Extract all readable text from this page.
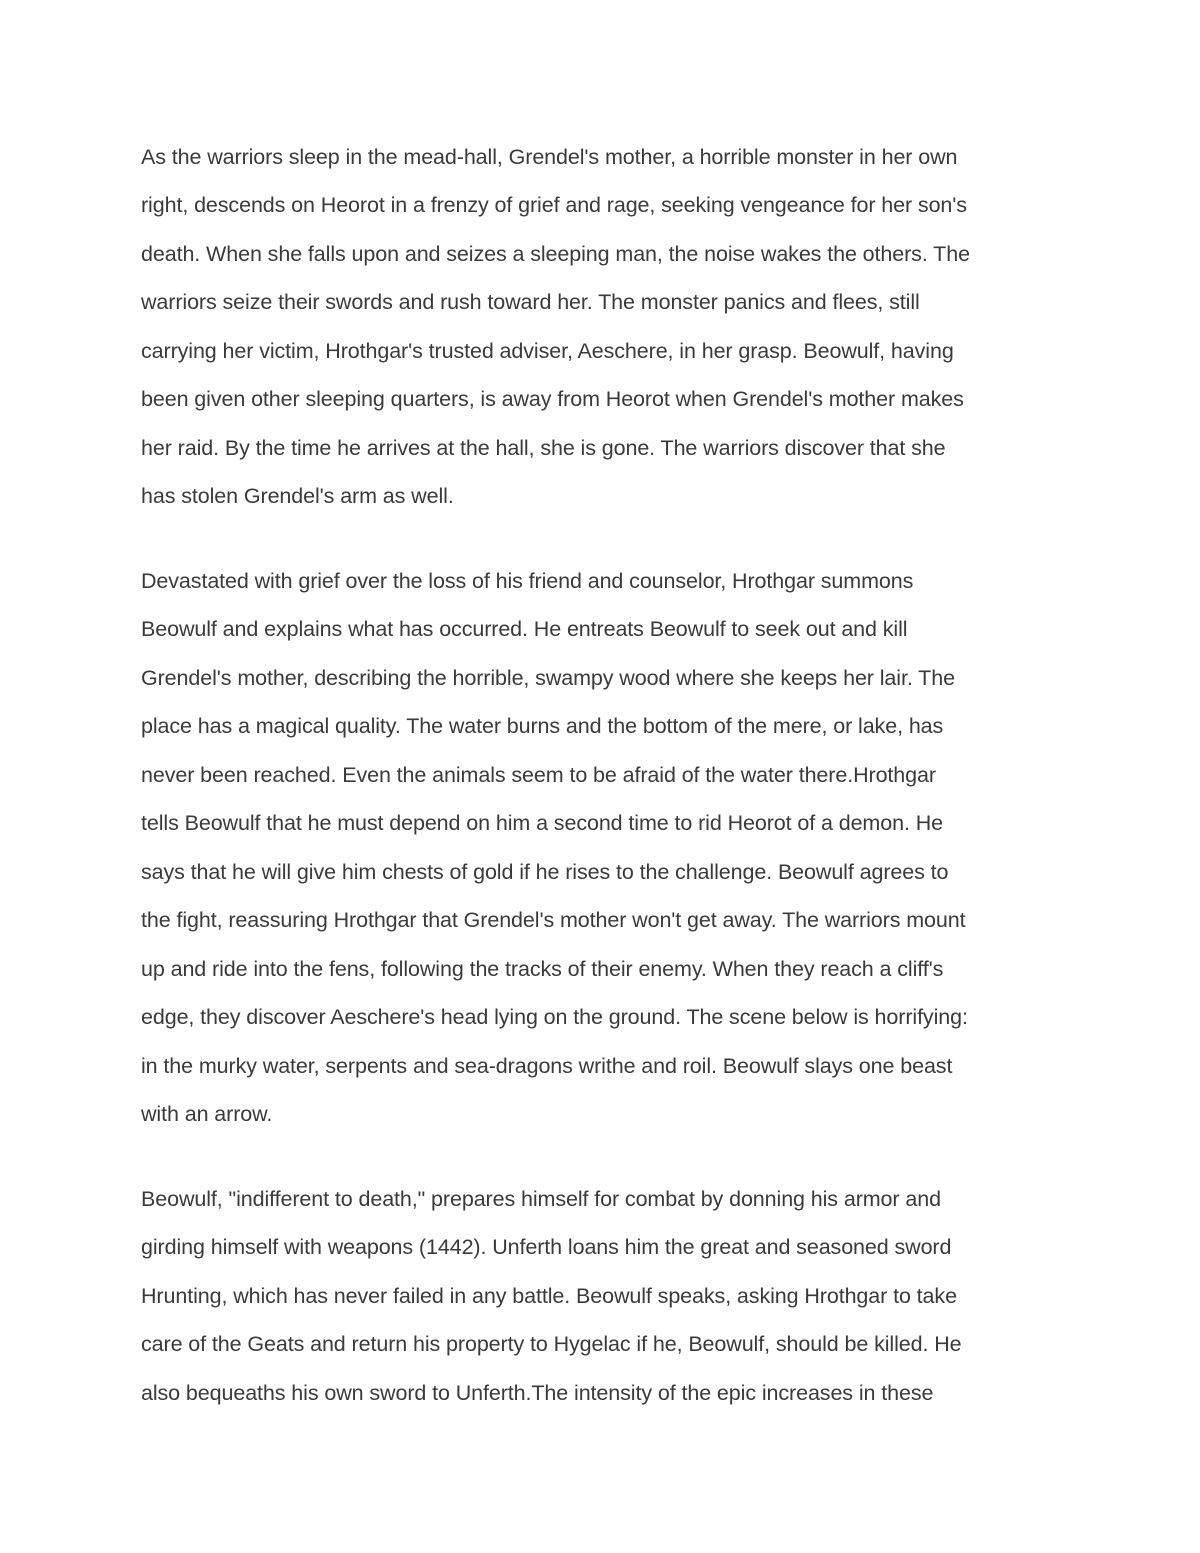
As the warriors sleep in the mead-hall, Grendel's mother, a horrible monster in her own

right, descends on Heorot in a frenzy of grief and rage, seeking vengeance for her son's

death. When she falls upon and seizes a sleeping man, the noise wakes the others. The

warriors seize their swords and rush toward her. The monster panics and flees, still

carrying her victim, Hrothgar's trusted adviser, Aeschere, in her grasp. Beowulf, having

been given other sleeping quarters, is away from Heorot when Grendel's mother makes

her raid. By the time he arrives at the hall, she is gone. The warriors discover that she

has stolen Grendel's arm as well.

Devastated with grief over the loss of his friend and counselor, Hrothgar summons

Beowulf and explains what has occurred. He entreats Beowulf to seek out and kill

Grendel's mother, describing the horrible, swampy wood where she keeps her lair. The

place has a magical quality. The water burns and the bottom of the mere, or lake, has

never been reached. Even the animals seem to be afraid of the water there.Hrothgar

tells Beowulf that he must depend on him a second time to rid Heorot of a demon. He

says that he will give him chests of gold if he rises to the challenge. Beowulf agrees to

the fight, reassuring Hrothgar that Grendel's mother won't get away. The warriors mount

up and ride into the fens, following the tracks of their enemy. When they reach a cliff's

edge, they discover Aeschere's head lying on the ground. The scene below is horrifying:

in the murky water, serpents and sea-dragons writhe and roil. Beowulf slays one beast

with an arrow.

Beowulf, "indifferent to death," prepares himself for combat by donning his armor and

girding himself with weapons (1442). Unferth loans him the great and seasoned sword

Hrunting, which has never failed in any battle. Beowulf speaks, asking Hrothgar to take

care of the Geats and return his property to Hygelac if he, Beowulf, should be killed. He

also bequeaths his own sword to Unferth.The intensity of the epic increases in these
